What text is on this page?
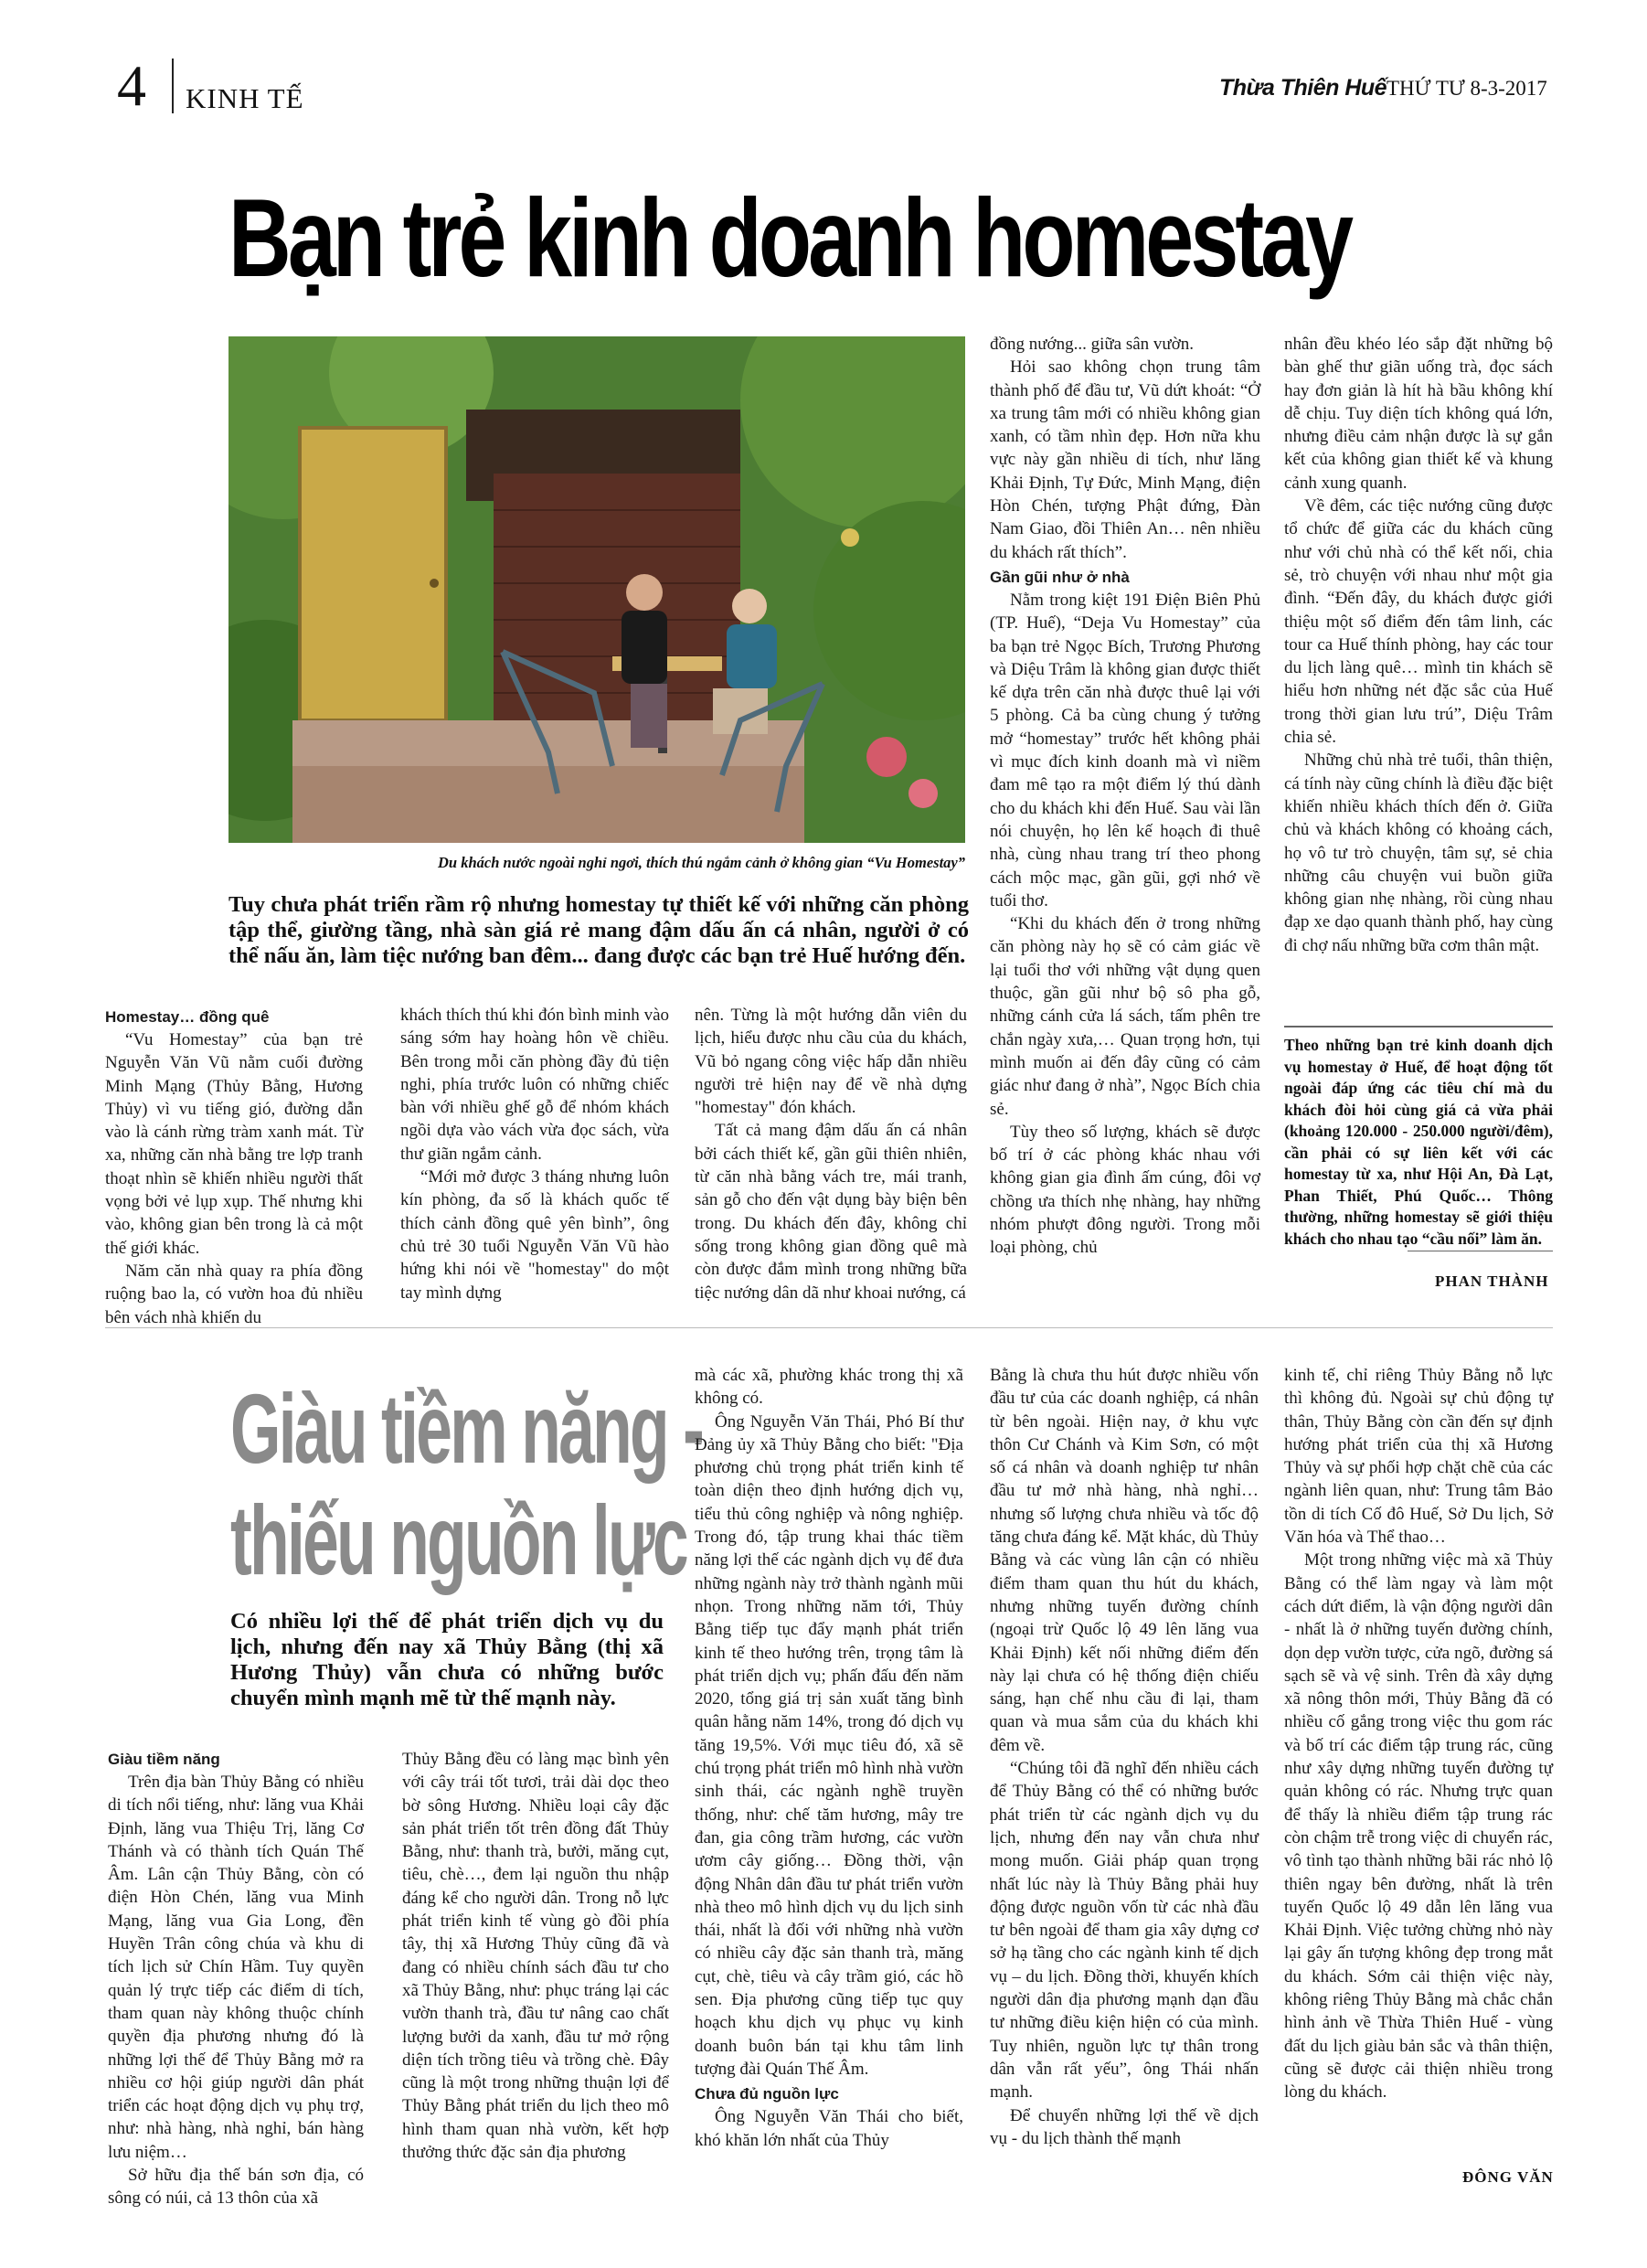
4 KINH TẾ	Thừa Thiên Huế THỨ TƯ 8-3-2017
Bạn trẻ kinh doanh homestay
Du khách nước ngoài nghỉ ngơi, thích thú ngắm cảnh ở không gian “Vu Homestay”
Tuy chưa phát triển rầm rộ nhưng homestay tự thiết kế với những căn phòng tập thể, giường tầng, nhà sàn giá rẻ mang đậm dấu ấn cá nhân, người ở có thể nấu ăn, làm tiệc nướng ban đêm... đang được các bạn trẻ Huế hướng đến.
Homestay… đồng quê

“Vu Homestay” của bạn trẻ Nguyễn Văn Vũ nằm cuối đường Minh Mạng (Thủy Bằng, Hương Thủy) vì vu tiếng gió, đường dẫn vào là cánh rừng tràm xanh mát. Từ xa, những căn nhà bằng tre lợp tranh thoạt nhìn sẽ khiến nhiều người thất vọng bởi vẻ lụp xụp. Thế nhưng khi vào, không gian bên trong là cả một thế giới khác.

Năm căn nhà quay ra phía đồng ruộng bao la, có vườn hoa đủ nhiều bên vách nhà khiến du

khách thích thú khi đón bình minh vào sáng sớm hay hoàng hôn về chiều. Bên trong mỗi căn phòng đầy đủ tiện nghi, phía trước luôn có những chiếc bàn với nhiều ghế gỗ để nhóm khách ngồi dựa vào vách vừa đọc sách, vừa thư giãn ngắm cảnh.

“Mới mở được 3 tháng nhưng luôn kín phòng, đa số là khách quốc tế thích cảnh đồng quê yên bình”, ông chủ trẻ 30 tuổi Nguyễn Văn Vũ hào hứng khi nói về "homestay" do một tay mình dựng

nên. Từng là một hướng dẫn viên du lịch, hiểu được nhu cầu của du khách, Vũ bỏ ngang công việc hấp dẫn nhiều người trẻ hiện nay để về nhà dựng "homestay" đón khách.

Tất cả mang đậm dấu ấn cá nhân bởi cách thiết kế, gần gũi thiên nhiên, từ căn nhà bằng vách tre, mái tranh, sản gỗ cho đến vật dụng bày biện bên trong. Du khách đến đây, không chỉ sống trong không gian đồng quê mà còn được đắm mình trong những bữa tiệc nướng dân dã như khoai nướng, cá

đồng nướng... giữa sân vườn.

Hỏi sao không chọn trung tâm thành phố để đầu tư, Vũ dứt khoát: “Ở xa trung tâm mới có nhiều không gian xanh, có tầm nhìn đẹp. Hơn nữa khu vực này gần nhiều di tích, như lăng Khải Định, Tự Đức, Minh Mạng, điện Hòn Chén, tượng Phật đứng, Đàn Nam Giao, đồi Thiên An… nên nhiều du khách rất thích”.

Gần gũi như ở nhà

Nằm trong kiệt 191 Điện Biên Phủ (TP. Huế), “Deja Vu Homestay” của ba bạn trẻ Ngọc Bích, Trương Phương và Diệu Trâm là không gian được thiết kế dựa trên căn nhà được thuê lại với 5 phòng. Cả ba cùng chung ý tưởng mở “homestay” trước hết không phải vì mục đích kinh doanh mà vì niềm đam mê tạo ra một điểm lý thú dành cho du khách khi đến Huế. Sau vài lần nói chuyện, họ lên kế hoạch đi thuê nhà, cùng nhau trang trí theo phong cách mộc mạc, gần gũi, gợi nhớ về tuổi thơ.

“Khi du khách đến ở trong những căn phòng này họ sẽ có cảm giác về lại tuổi thơ với những vật dụng quen thuộc, gần gũi như bộ sô pha gỗ, những cánh cửa lá sách, tấm phên tre chắn ngày xưa,… Quan trọng hơn, tụi mình muốn ai đến đây cũng có cảm giác như đang ở nhà”, Ngọc Bích chia sẻ.

Tùy theo số lượng, khách sẽ được bố trí ở các phòng khác nhau với không gian gia đình ấm cúng, đôi vợ chồng ưa thích nhẹ nhàng, hay những nhóm phượt đông người. Trong mỗi loại phòng, chủ

nhân đều khéo léo sắp đặt những bộ bàn ghế thư giãn uống trà, đọc sách hay đơn giản là hít hà bầu không khí dễ chịu. Tuy diện tích không quá lớn, nhưng điều cảm nhận được là sự gắn kết của không gian thiết kế và khung cảnh xung quanh.

Về đêm, các tiệc nướng cũng được tổ chức để giữa các du khách cũng như với chủ nhà có thể kết nối, chia sẻ, trò chuyện với nhau như một gia đình. “Đến đây, du khách được giới thiệu một số điểm đến tâm linh, các tour ca Huế thính phòng, hay các tour du lịch làng quê… mình tin khách sẽ hiểu hơn những nét đặc sắc của Huế trong thời gian lưu trú”, Diệu Trâm chia sẻ.

Những chủ nhà trẻ tuổi, thân thiện, cá tính này cũng chính là điều đặc biệt khiến nhiều khách thích đến ở. Giữa chủ và khách không có khoảng cách, họ vô tư trò chuyện, tâm sự, sẻ chia những câu chuyện vui buồn giữa không gian nhẹ nhàng, rồi cùng nhau đạp xe dạo quanh thành phố, hay cùng đi chợ nấu những bữa cơm thân mật.

Theo những bạn trẻ kinh doanh dịch vụ homestay ở Huế, để hoạt động tốt ngoài đáp ứng các tiêu chí mà du khách đòi hỏi cùng giá cả vừa phải (khoảng 120.000 - 250.000 người/đêm), cần phải có sự liên kết với các homestay từ xa, như Hội An, Đà Lạt, Phan Thiết, Phú Quốc… Thông thường, những homestay sẽ giới thiệu khách cho nhau tạo “cầu nối” làm ăn.
PHAN THÀNH
Giàu tiềm năng -
thiếu nguồn lực
Có nhiều lợi thế để phát triển dịch vụ du lịch, nhưng đến nay xã Thủy Bằng (thị xã Hương Thủy) vẫn chưa có những bước chuyển mình mạnh mẽ từ thế mạnh này.
Giàu tiềm năng

Trên địa bàn Thủy Bằng có nhiều di tích nổi tiếng, như: lăng vua Khải Định, lăng vua Thiệu Trị, lăng Cơ Thánh và có thành tích Quán Thế Âm. Lân cận Thủy Bằng, còn có điện Hòn Chén, lăng vua Minh Mạng, lăng vua Gia Long, đền Huyền Trân công chúa và khu di tích lịch sử Chín Hầm. Tuy quyền quản lý trực tiếp các điểm di tích, tham quan này không thuộc chính quyền địa phương nhưng đó là những lợi thế để Thủy Bằng mở ra nhiều cơ hội giúp người dân phát triển các hoạt động dịch vụ phụ trợ, như: nhà hàng, nhà nghỉ, bán hàng lưu niệm…

Sở hữu địa thế bán sơn địa, có sông có núi, cả 13 thôn của xã

Thủy Bằng đều có làng mạc bình yên với cây trái tốt tươi, trải dài dọc theo bờ sông Hương. Nhiều loại cây đặc sản phát triển tốt trên đồng đất Thủy Bằng, như: thanh trà, bưởi, măng cụt, tiêu, chè…, đem lại nguồn thu nhập đáng kể cho người dân. Trong nỗ lực phát triển kinh tế vùng gò đồi phía tây, thị xã Hương Thủy cũng đã và đang có nhiều chính sách đầu tư cho xã Thủy Bằng, như: phục tráng lại các vườn thanh trà, đầu tư nâng cao chất lượng bưởi da xanh, đầu tư mở rộng diện tích trồng tiêu và trồng chè. Đây cũng là một trong những thuận lợi để Thủy Bằng phát triển du lịch theo mô hình tham quan nhà vườn, kết hợp thưởng thức đặc sản địa phương

mà các xã, phường khác trong thị xã không có.

Ông Nguyễn Văn Thái, Phó Bí thư Đảng ủy xã Thủy Bằng cho biết: "Địa phương chủ trọng phát triển kinh tế toàn diện theo định hướng dịch vụ, tiểu thủ công nghiệp và nông nghiệp. Trong đó, tập trung khai thác tiềm năng lợi thế các ngành dịch vụ để đưa những ngành này trở thành ngành mũi nhọn. Trong những năm tới, Thủy Bằng tiếp tục đẩy mạnh phát triển kinh tế theo hướng trên, trọng tâm là phát triển dịch vụ; phấn đấu đến năm 2020, tổng giá trị sản xuất tăng bình quân hằng năm 14%, trong đó dịch vụ tăng 19,5%. Với mục tiêu đó, xã sẽ chú trọng phát triển mô hình nhà vườn sinh thái, các ngành nghề truyền thống, như: chế tăm hương, mây tre đan, gia công trầm hương, các vườn ươm cây giống… Đồng thời, vận động Nhân dân đầu tư phát triển vườn nhà theo mô hình dịch vụ du lịch sinh thái, nhất là đối với những nhà vườn có nhiều cây đặc sản thanh trà, măng cụt, chè, tiêu và cây trầm gió, các hồ sen. Địa phương cũng tiếp tục quy hoạch khu dịch vụ phục vụ kinh doanh buôn bán tại khu tâm linh tượng đài Quán Thế Âm.

Chưa đủ nguồn lực

Ông Nguyễn Văn Thái cho biết, khó khăn lớn nhất của Thủy

Bằng là chưa thu hút được nhiều vốn đầu tư của các doanh nghiệp, cá nhân từ bên ngoài. Hiện nay, ở khu vực thôn Cư Chánh và Kim Sơn, có một số cá nhân và doanh nghiệp tư nhân đầu tư mở nhà hàng, nhà nghỉ… nhưng số lượng chưa nhiều và tốc độ tăng chưa đáng kể. Mặt khác, dù Thủy Bằng và các vùng lân cận có nhiều điểm tham quan thu hút du khách, nhưng những tuyến đường chính (ngoại trừ Quốc lộ 49 lên lăng vua Khải Định) kết nối những điểm đến này lại chưa có hệ thống điện chiếu sáng, hạn chế nhu cầu đi lại, tham quan và mua sắm của du khách khi đêm về.

“Chúng tôi đã nghĩ đến nhiều cách để Thủy Bằng có thể có những bước phát triển từ các ngành dịch vụ du lịch, nhưng đến nay vẫn chưa như mong muốn. Giải pháp quan trọng nhất lúc này là Thủy Bằng phải huy động được nguồn vốn từ các nhà đầu tư bên ngoài để tham gia xây dựng cơ sở hạ tầng cho các ngành kinh tế dịch vụ – du lịch. Đồng thời, khuyến khích người dân địa phương mạnh dạn đầu tư những điều kiện hiện có của mình. Tuy nhiên, nguồn lực tự thân trong dân vẫn rất yếu”, ông Thái nhấn mạnh.

Để chuyển những lợi thế về dịch vụ - du lịch thành thế mạnh

kinh tế, chỉ riêng Thủy Bằng nỗ lực thì không đủ. Ngoài sự chủ động tự thân, Thủy Bằng còn cần đến sự định hướng phát triển của thị xã Hương Thủy và sự phối hợp chặt chẽ của các ngành liên quan, như: Trung tâm Bảo tồn di tích Cố đô Huế, Sở Du lịch, Sở Văn hóa và Thể thao…

Một trong những việc mà xã Thủy Bằng có thể làm ngay và làm một cách dứt điểm, là vận động người dân - nhất là ở những tuyến đường chính, dọn dẹp vườn tược, cửa ngõ, đường sá sạch sẽ và vệ sinh. Trên đà xây dựng xã nông thôn mới, Thủy Bằng đã có nhiều cố gắng trong việc thu gom rác và bố trí các điểm tập trung rác, cũng như xây dựng những tuyến đường tự quản không có rác. Nhưng trực quan để thấy là nhiều điểm tập trung rác còn chậm trễ trong việc di chuyển rác, vô tình tạo thành những bãi rác nhỏ lộ thiên ngay bên đường, nhất là trên tuyến Quốc lộ 49 dẫn lên lăng vua Khải Định. Việc tưởng chừng nhỏ này lại gây ấn tượng không đẹp trong mắt du khách. Sớm cải thiện việc này, không riêng Thủy Bằng mà chắc chắn hình ảnh về Thừa Thiên Huế - vùng đất du lịch giàu bản sắc và thân thiện, cũng sẽ được cải thiện nhiều trong lòng du khách.

ĐÔNG VĂN
